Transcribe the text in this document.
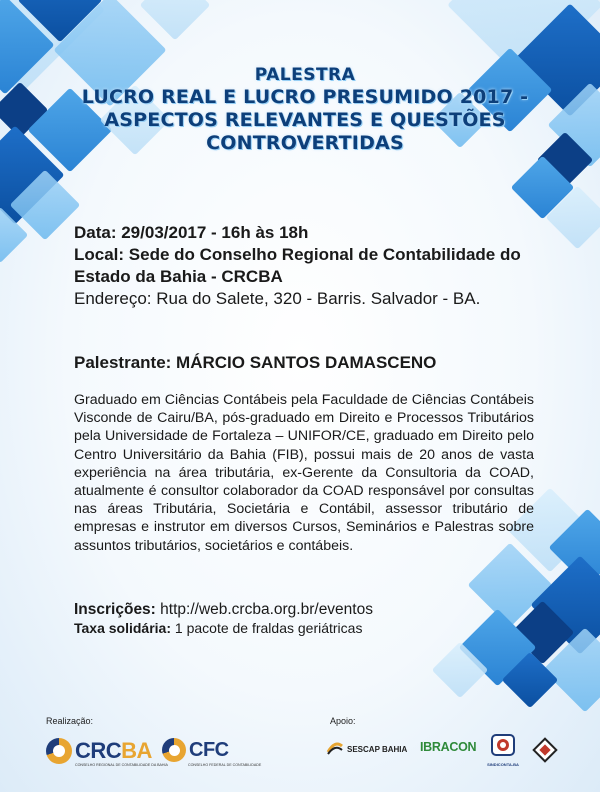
PALESTRA
LUCRO REAL E LUCRO PRESUMIDO 2017 -
ASPECTOS RELEVANTES E QUESTÕES
CONTROVERTIDAS

Data: 29/03/2017 - 16h às 18h

Local: Sede do Conselho Regional de Contabilidade do

Estado da Bahia - CRCBA

Endereço: Rua do Salete, 320 - Barris. Salvador - BA.

Palestrante: MÁRCIO SANTOS DAMASCENO

Graduado em Ciências Contábeis pela Faculdade de Ciências Contábeis Visconde de Cairu/BA, pós-graduado em Direito e Processos Tributários pela Universidade de Fortaleza – UNIFOR/CE, graduado em Direito pelo Centro Universitário da Bahia (FIB), possui mais de 20 anos de vasta experiência na área tributária, ex-Gerente da Consultoria da COAD, atualmente é consultor colaborador da COAD responsável por consultas nas áreas Tributária, Societária e Contábil, assessor tributário de empresas e instrutor em diversos Cursos, Seminários e Palestras sobre assuntos tributários, societários e contábeis.

Inscrições: http://web.crcba.org.br/eventos
Taxa solidária: 1 pacote de fraldas geriátricas
Realização:	Apoio:
CRCBA
CONSELHO REGIONAL DE CONTABILIDADE DA BAHIA
CFC
CONSELHO FEDERAL DE CONTABILIDADE
SESCAP BAHIA IBRACON
SINDICONTA-BA
